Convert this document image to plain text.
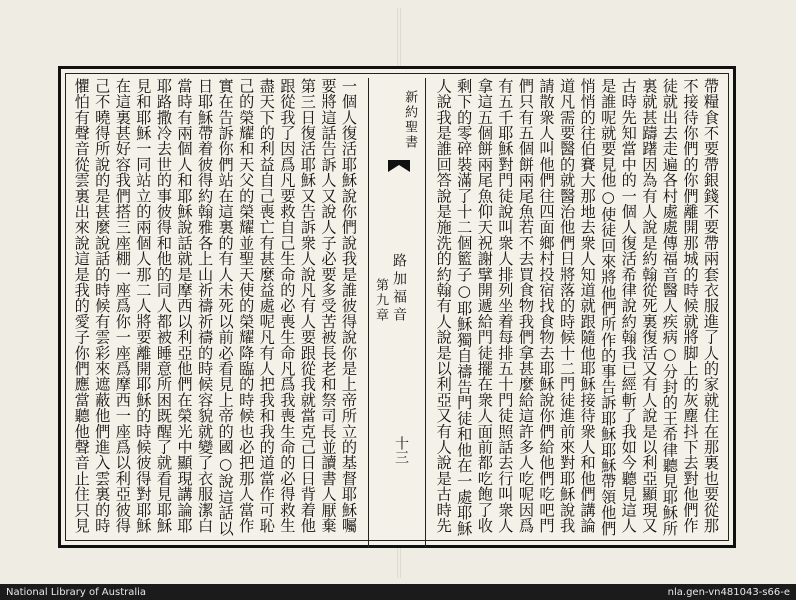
帶糧食不要帶銀錢不要帶兩套衣服進了人的家就住在那裏也要從那
不接待你們的你們離開那城的時候就將脚上的灰塵抖下去對他們作
徒就出去走遍各村處處傳福音醫人疾病○分封的王希律聽見耶穌所
裏就甚躊躇因為有人說是約翰從死裏復活又有人說是以利亞顯現又
古時先知當中的一個人復活希律說約翰我已經斬了我如今聽見這人
是誰呢就要見他○使徒回來將他們所作的事告訴耶穌耶穌帶領他們
悄悄的往伯賽大那地去衆人知道就跟隨他耶穌接待衆人和他們講論
道凡需要醫的就醫治他們日將落的時候十二門徒進前來對耶穌說我
請散衆人叫他們往四面鄉村投宿找食物去耶穌說你們給他們吃吧門
們只有五個餅兩尾魚若不去買食物我們拿甚麼給這許多人吃呢因爲
有五千耶穌對門徒說叫衆人排列坐着每排五十門徒照話去行叫衆人
拿這五個餅兩尾魚仰天祝謝擘開遞給門徒擺在衆人面前都吃飽了收
剩下的零碎裝滿了十二個籃子○耶穌獨自禱告門徒和他在一處耶穌
人說我是誰回答說是施洗的約翰有人說是以利亞又有人說是古時先
新約聖書
路加福音
第九章
十三
一個人復活耶穌說你們說我是誰彼得說你是上帝所立的基督耶穌囑
要將這話告訴人又說人子必要多受苦被長老和祭司長並讀書人厭棄
第三日復活耶穌又告訴衆人說凡有人要跟從我就當克己日日背着他
跟從我了因爲凡要救自己生命的必喪生命凡爲我喪生命的必得救生
盡天下的利益自己喪亡有甚麼益處呢凡有人把我和我的道當作可恥
己的榮耀和天父的榮耀並聖天使的榮耀降臨的時候也必把那人當作
實在告訴你們站在這裏的有人未死以前必看見上帝的國○說這話以
日耶穌帶着彼得約翰雅各上山祈禱祈禱的時候容貌就變了衣服潔白
當時有兩個人和耶穌說話就是摩西以利亞他們在榮光中顯現講論耶
耶路撒冷去世的事彼得和他的同人都被睡意所困既醒了就看見耶穌
見和耶穌一同站立的兩個人那二人將要離開耶穌的時候彼得對耶穌
在這裏甚好容我們搭三座棚一座爲你一座爲摩西一座爲以利亞彼得
己不曉得所說的是甚麼說話的時候有雲彩來遮蔽他們進入雲裏的時
懼怕有聲音從雲裏出來說這是我的愛子你們應當聽他聲音止住只見
National Library of Australia	nla.gen-vn481043-s66-e
